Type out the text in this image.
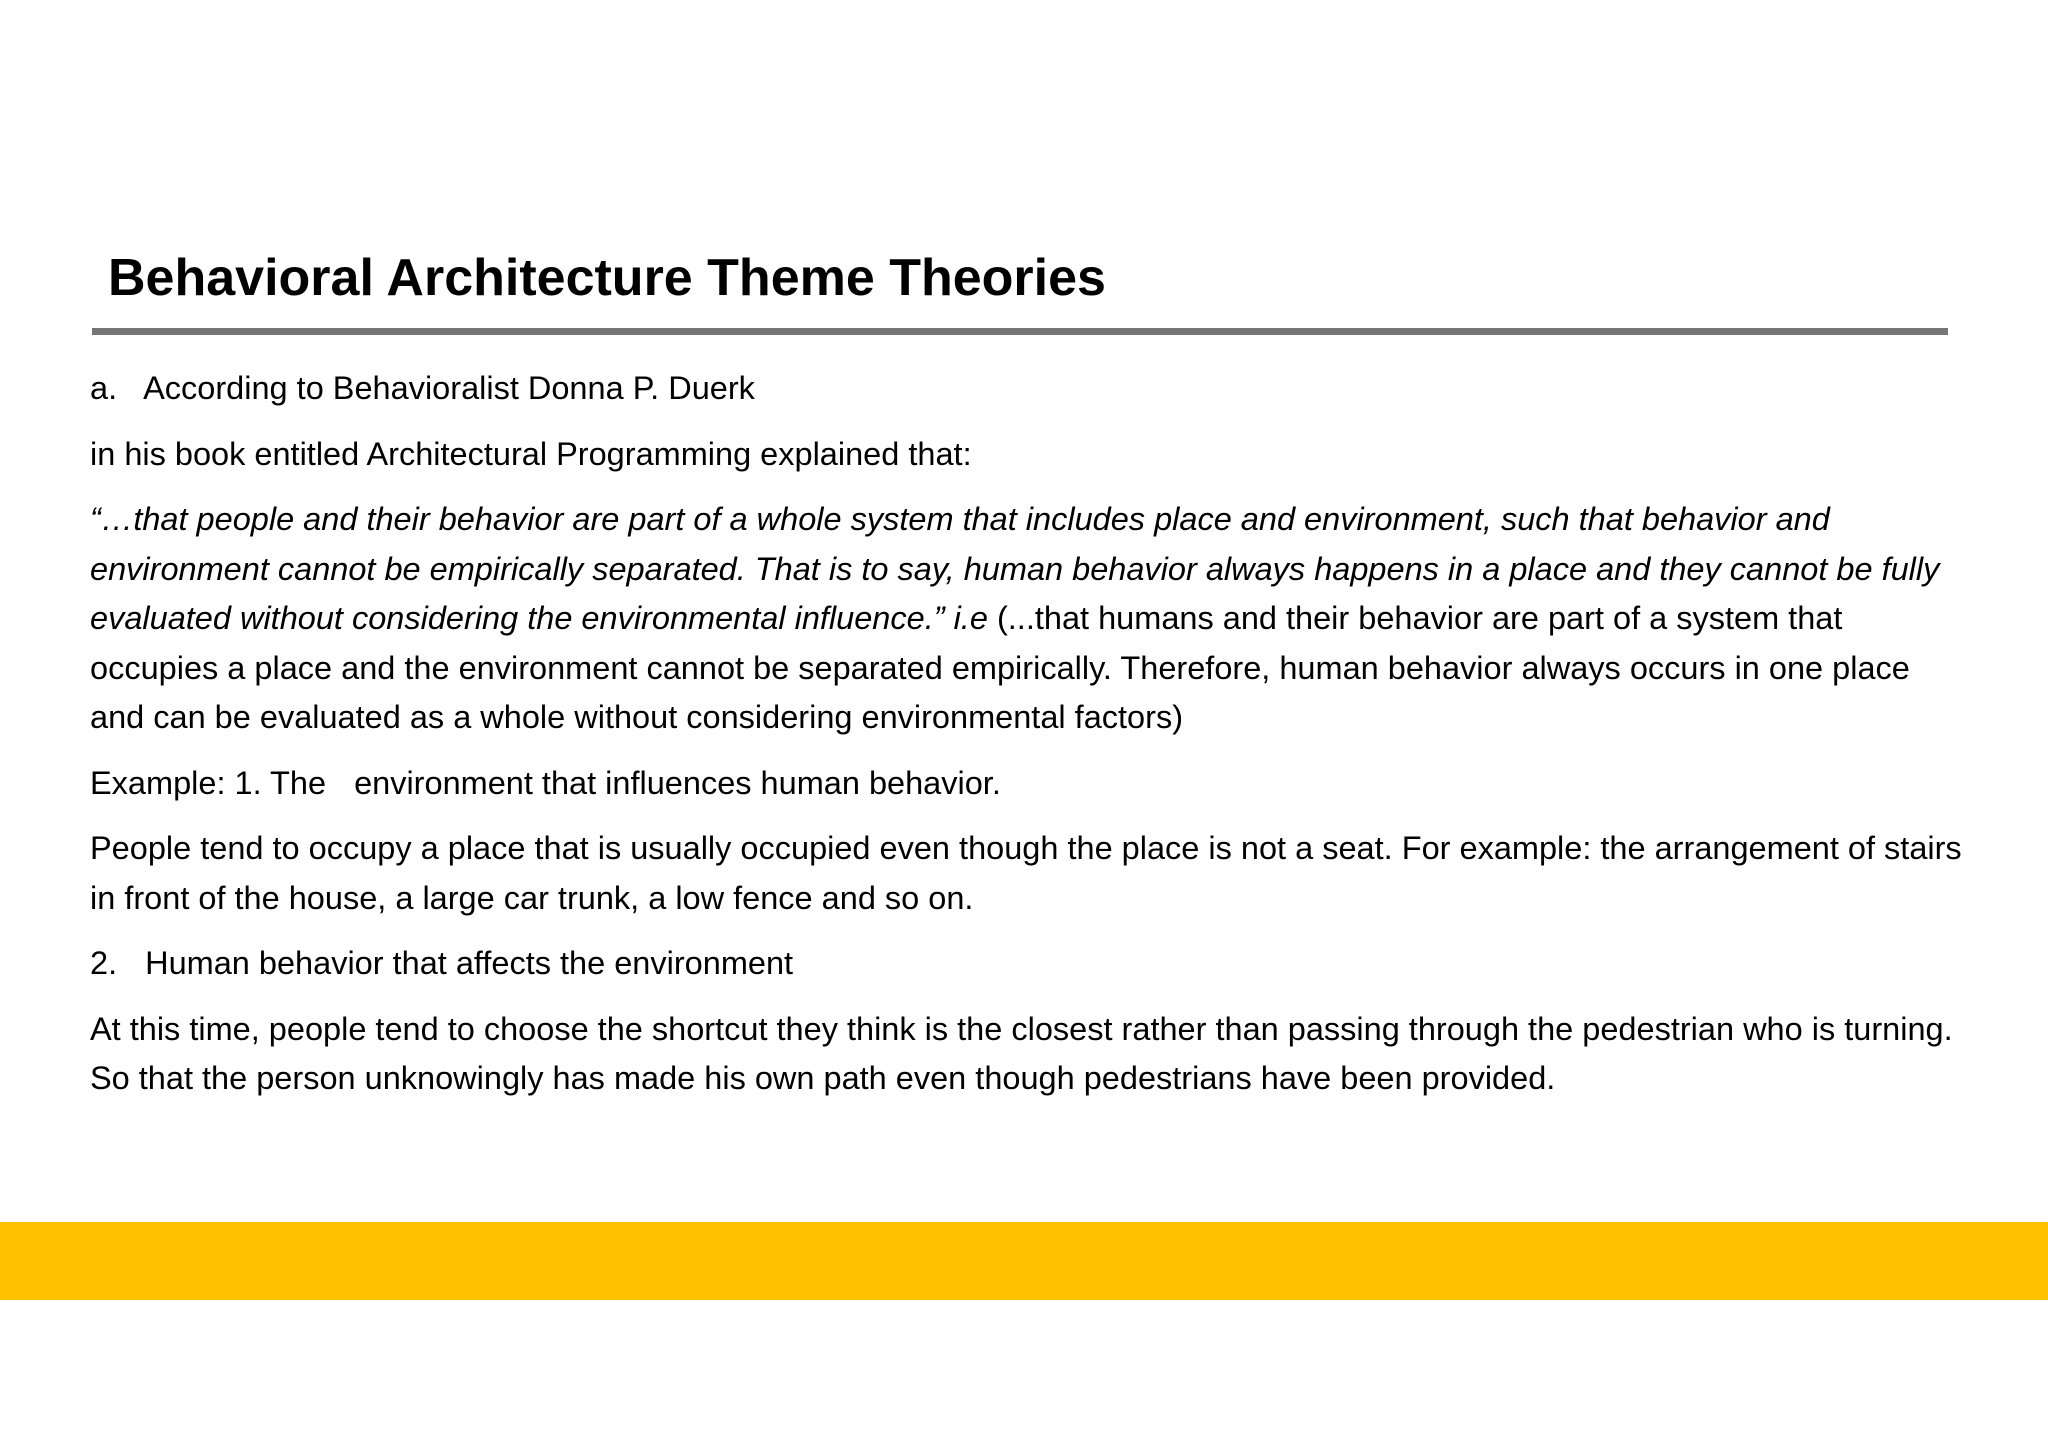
Behavioral Architecture Theme Theories

a. According to Behavioralist Donna P. Duerk

in his book entitled Architectural Programming explained that:

“…that people and their behavior are part of a whole system that includes place and environment, such that behavior and environment cannot be empirically separated. That is to say, human behavior always happens in a place and they cannot be fully evaluated without considering the environmental influence.” i.e (...that humans and their behavior are part of a system that occupies a place and the environment cannot be separated empirically. Therefore, human behavior always occurs in one place and can be evaluated as a whole without considering environmental factors)

Example: 1. The environment that influences human behavior.

People tend to occupy a place that is usually occupied even though the place is not a seat. For example: the arrangement of stairs in front of the house, a large car trunk, a low fence and so on.

2. Human behavior that affects the environment

At this time, people tend to choose the shortcut they think is the closest rather than passing through the pedestrian who is turning. So that the person unknowingly has made his own path even though pedestrians have been provided.
